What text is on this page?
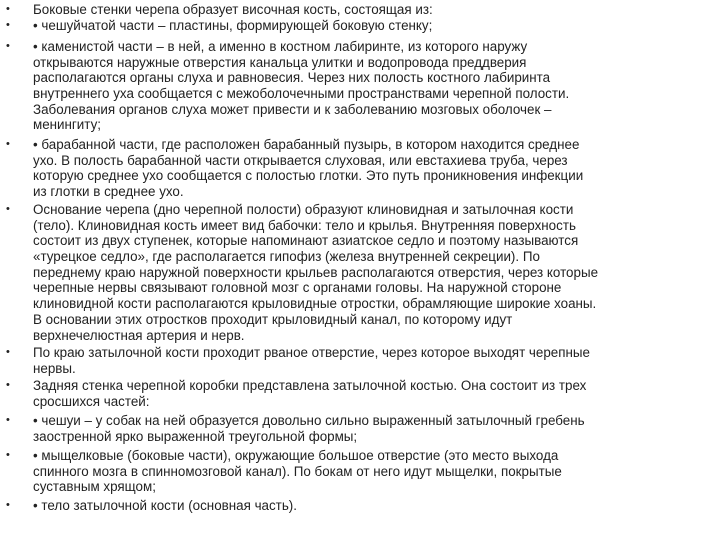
• Боковые стенки черепа образует височная кость, состоящая из:
• • чешуйчатой части – пластины, формирующей боковую стенку;
• • каменистой части – в ней, а именно в костном лабиринте, из которого наружу
открываются наружные отверстия канальца улитки и водопровода преддверия
располагаются органы слуха и равновесия. Через них полость костного лабиринта
внутреннего уха сообщается с межоболочечными пространствами черепной полости.
Заболевания органов слуха может привести и к заболеванию мозговых оболочек –
менингиту;
• • барабанной части, где расположен барабанный пузырь, в котором находится среднее
ухо. В полость барабанной части открывается слуховая, или евстахиева труба, через
которую среднее ухо сообщается с полостью глотки. Это путь проникновения инфекции
из глотки в среднее ухо.
• Основание черепа (дно черепной полости) образуют клиновидная и затылочная кости
(тело). Клиновидная кость имеет вид бабочки: тело и крылья. Внутренняя поверхность
состоит из двух ступенек, которые напоминают азиатское седло и поэтому называются
«турецкое седло», где располагается гипофиз (железа внутренней секреции). По
переднему краю наружной поверхности крыльев располагаются отверстия, через которые
черепные нервы связывают головной мозг с органами головы. На наружной стороне
клиновидной кости располагаются крыловидные отростки, обрамляющие широкие хоаны.
В основании этих отростков проходит крыловидный канал, по которому идут
верхнечелюстная артерия и нерв.
• По краю затылочной кости проходит рваное отверстие, через которое выходят черепные
нервы.
• Задняя стенка черепной коробки представлена затылочной костью. Она состоит из трех
сросшихся частей:
• • чешуи – у собак на ней образуется довольно сильно выраженный затылочный гребень
заостренной ярко выраженной треугольной формы;
• • мыщелковые (боковые части), окружающие большое отверстие (это место выхода
спинного мозга в спинномозговой канал). По бокам от него идут мыщелки, покрытые
суставным хрящом;
• • тело затылочной кости (основная часть).
